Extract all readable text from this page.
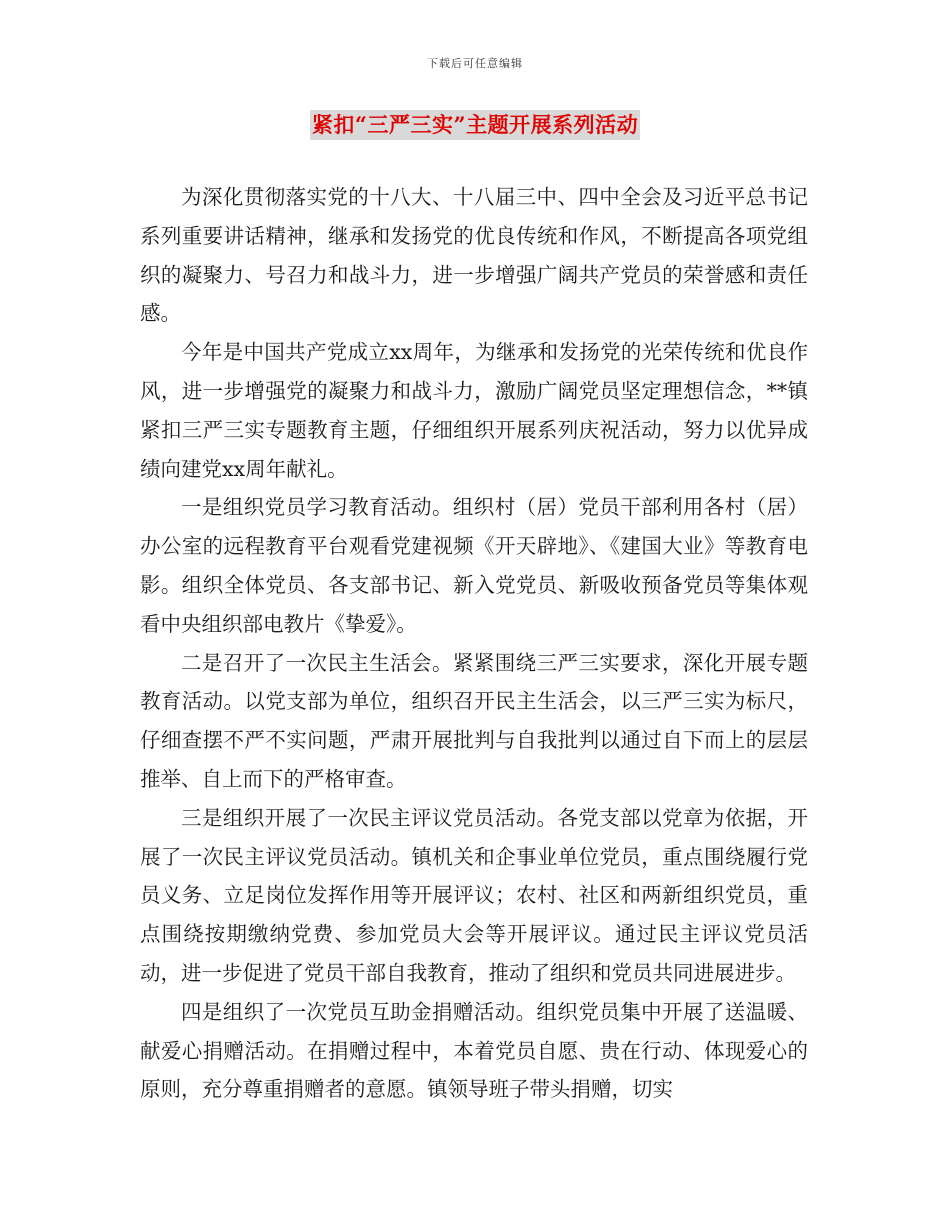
下载后可任意编辑
紧扣“三严三实”主题开展系列活动

为深化贯彻落实党的十八大、十八届三中、四中全会及习近平总书记系列重要讲话精神，继承和发扬党的优良传统和作风，不断提高各项党组织的凝聚力、号召力和战斗力，进一步增强广阔共产党员的荣誉感和责任感。

今年是中国共产党成立xx周年，为继承和发扬党的光荣传统和优良作风，进一步增强党的凝聚力和战斗力，激励广阔党员坚定理想信念，**镇紧扣三严三实专题教育主题，仔细组织开展系列庆祝活动，努力以优异成绩向建党xx周年献礼。

一是组织党员学习教育活动。组织村（居）党员干部利用各村（居）办公室的远程教育平台观看党建视频《开天辟地》、《建国大业》等教育电影。组织全体党员、各支部书记、新入党党员、新吸收预备党员等集体观看中央组织部电教片《挚爱》。

二是召开了一次民主生活会。紧紧围绕三严三实要求，深化开展专题教育活动。以党支部为单位，组织召开民主生活会，以三严三实为标尺，仔细查摆不严不实问题，严肃开展批判与自我批判以通过自下而上的层层推举、自上而下的严格审查。

三是组织开展了一次民主评议党员活动。各党支部以党章为依据，开展了一次民主评议党员活动。镇机关和企事业单位党员，重点围绕履行党员义务、立足岗位发挥作用等开展评议；农村、社区和两新组织党员，重点围绕按期缴纳党费、参加党员大会等开展评议。通过民主评议党员活动，进一步促进了党员干部自我教育，推动了组织和党员共同进展进步。

四是组织了一次党员互助金捐赠活动。组织党员集中开展了送温暖、献爱心捐赠活动。在捐赠过程中，本着党员自愿、贵在行动、体现爱心的原则，充分尊重捐赠者的意愿。镇领导班子带头捐赠，切实
